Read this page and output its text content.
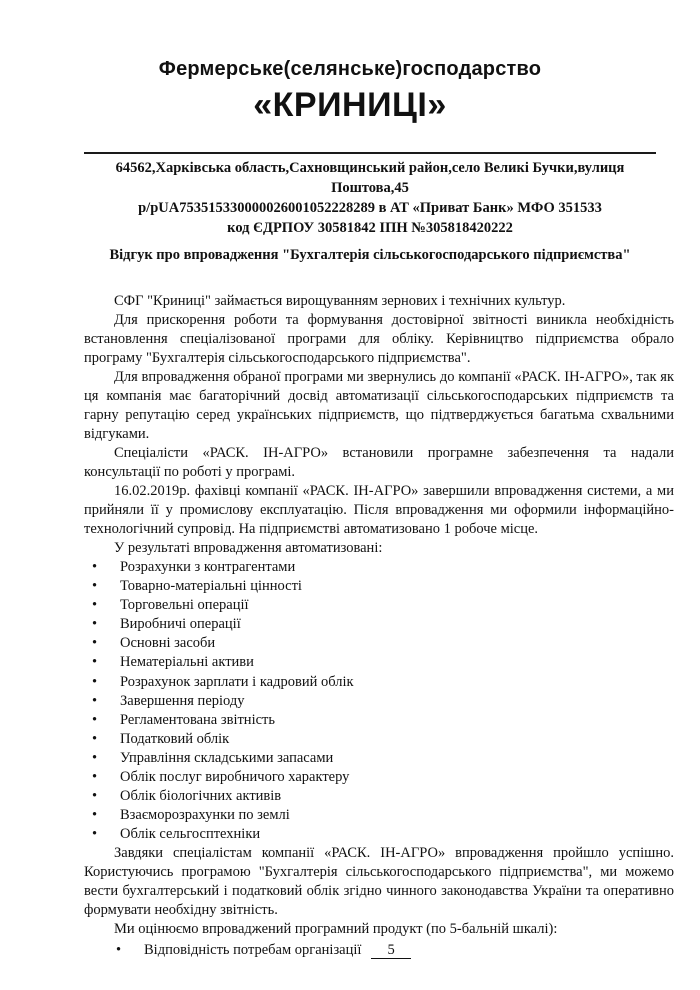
Фермерське(селянське)господарство
«КРИНИЦІ»
64562,Харківська область,Сахновщинський район,село Великі Бучки,вулиця
Поштова,45
р/рUA753515330000026001052228289 в АТ «Приват Банк» МФО 351533
код ЄДРПОУ 30581842 ІПН №305818420222
Відгук про впровадження "Бухгалтерія сільськогосподарського підприємства"

СФГ "Криниці" займається вирощуванням зернових і технічних культур.

Для прискорення роботи та формування достовірної звітності виникла необхідність встановлення спеціалізованої програми для обліку. Керівництво підприємства обрало програму "Бухгалтерія сільськогосподарського підприємства".

Для впровадження обраної програми ми звернулись до компанії «РАСК. ІН-АГРО», так як ця компанія має багаторічний досвід автоматизації сільськогосподарських підприємств та гарну репутацію серед українських підприємств, що підтверджується багатьма схвальними відгуками.

Спеціалісти «РАСК. ІН-АГРО» встановили програмне забезпечення та надали консультації по роботі у програмі.

16.02.2019р. фахівці компанії «РАСК. ІН-АГРО» завершили впровадження системи, а ми прийняли її у промислову експлуатацію. Після впровадження ми оформили інформаційно-технологічний супровід. На підприємстві автоматизовано 1 робоче місце.

У результаті впровадження автоматизовані:

• Розрахунки з контрагентами
• Товарно-матеріальні цінності
• Торговельні операції
• Виробничі операції
• Основні засоби
• Нематеріальні активи
• Розрахунок зарплати і кадровий облік
• Завершення періоду
• Регламентована звітність
• Податковий облік
• Управління складськими запасами
• Облік послуг виробничого характеру
• Облік біологічних активів
• Взаєморозрахунки по землі
• Облік сельгосптехніки

Завдяки спеціалістам компанії «РАСК. ІН-АГРО» впровадження пройшло успішно. Користуючись програмою "Бухгалтерія сільськогосподарського підприємства", ми можемо вести бухгалтерський і податковий облік згідно чинного законодавства України та оперативно формувати необхідну звітність.

Ми оцінюємо впроваджений програмний продукт (по 5-бальній шкалі):

• Відповідність потребам організації 5
